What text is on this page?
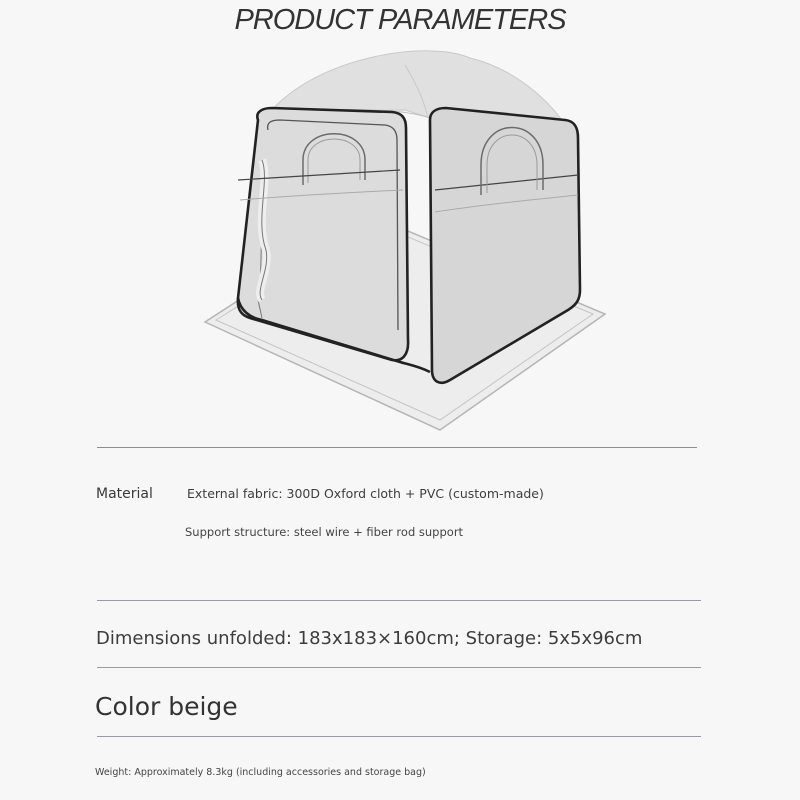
PRODUCT PARAMETERS
Material	External fabric: 300D Oxford cloth + PVC (custom-made)
Support structure: steel wire + fiber rod support
Dimensions unfolded: 183x183×160cm; Storage: 5x5x96cm
Color beige
Weight: Approximately 8.3kg (including accessories and storage bag)
